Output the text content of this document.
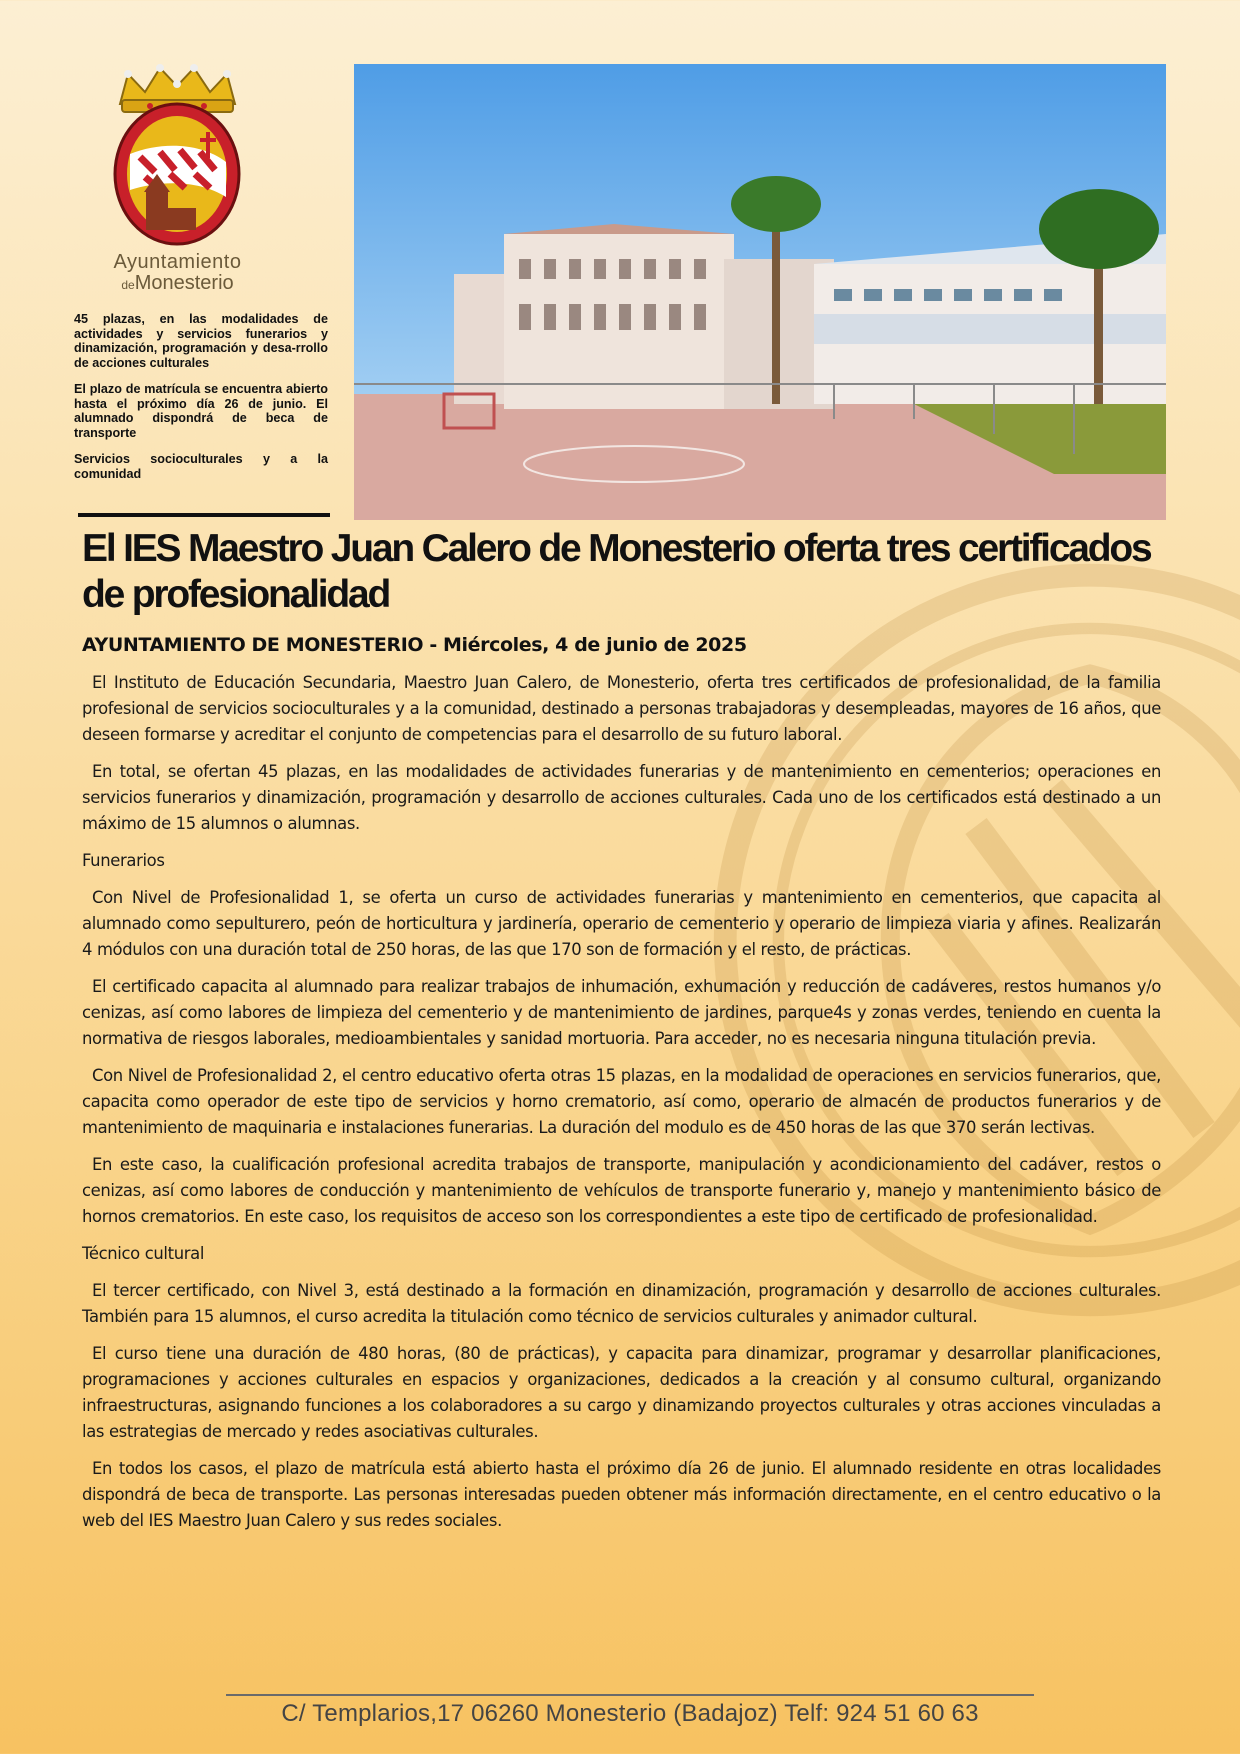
Ayuntamiento
deMonesterio

45 plazas, en las modalidades de actividades y servicios funerarios y dinamización, programación y desa-rrollo de acciones culturales

El plazo de matrícula se encuentra abierto hasta el próximo día 26 de junio. El alumnado dispondrá de beca de transporte

Servicios socioculturales y a la comunidad

El IES Maestro Juan Calero de Monesterio oferta tres certificados de profesionalidad

AYUNTAMIENTO DE MONESTERIO - Miércoles, 4 de junio de 2025

El Instituto de Educación Secundaria, Maestro Juan Calero, de Monesterio, oferta tres certificados de profesionalidad, de la familia profesional de servicios socioculturales y a la comunidad, destinado a personas trabajadoras y desempleadas, mayores de 16 años, que deseen formarse y acreditar el conjunto de competencias para el desarrollo de su futuro laboral.

En total, se ofertan 45 plazas, en las modalidades de actividades funerarias y de mantenimiento en cementerios; operaciones en servicios funerarios y dinamización, programación y desarrollo de acciones culturales. Cada uno de los certificados está destinado a un máximo de 15 alumnos o alumnas.

Funerarios

Con Nivel de Profesionalidad 1, se oferta un curso de actividades funerarias y mantenimiento en cementerios, que capacita al alumnado como sepulturero, peón de horticultura y jardinería, operario de cementerio y operario de limpieza viaria y afines. Realizarán 4 módulos con una duración total de 250 horas, de las que 170 son de formación y el resto, de prácticas.

El certificado capacita al alumnado para realizar trabajos de inhumación, exhumación y reducción de cadáveres, restos humanos y/o cenizas, así como labores de limpieza del cementerio y de mantenimiento de jardines, parque4s y zonas verdes, teniendo en cuenta la normativa de riesgos laborales, medioambientales y sanidad mortuoria. Para acceder, no es necesaria ninguna titulación previa.

Con Nivel de Profesionalidad 2, el centro educativo oferta otras 15 plazas, en la modalidad de operaciones en servicios funerarios, que, capacita como operador de este tipo de servicios y horno crematorio, así como, operario de almacén de productos funerarios y de mantenimiento de maquinaria e instalaciones funerarias. La duración del modulo es de 450 horas de las que 370 serán lectivas.

En este caso, la cualificación profesional acredita trabajos de transporte, manipulación y acondicionamiento del cadáver, restos o cenizas, así como labores de conducción y mantenimiento de vehículos de transporte funerario y, manejo y mantenimiento básico de hornos crematorios. En este caso, los requisitos de acceso son los correspondientes a este tipo de certificado de profesionalidad.

Técnico cultural

El tercer certificado, con Nivel 3, está destinado a la formación en dinamización, programación y desarrollo de acciones culturales. También para 15 alumnos, el curso acredita la titulación como técnico de servicios culturales y animador cultural.

El curso tiene una duración de 480 horas, (80 de prácticas), y capacita para dinamizar, programar y desarrollar planificaciones, programaciones y acciones culturales en espacios y organizaciones, dedicados a la creación y al consumo cultural, organizando infraestructuras, asignando funciones a los colaboradores a su cargo y dinamizando proyectos culturales y otras acciones vinculadas a las estrategias de mercado y redes asociativas culturales.

En todos los casos, el plazo de matrícula está abierto hasta el próximo día 26 de junio. El alumnado residente en otras localidades dispondrá de beca de transporte. Las personas interesadas pueden obtener más información directamente, en el centro educativo o la web del IES Maestro Juan Calero y sus redes sociales.

C/ Templarios,17 06260 Monesterio (Badajoz) Telf: 924 51 60 63
